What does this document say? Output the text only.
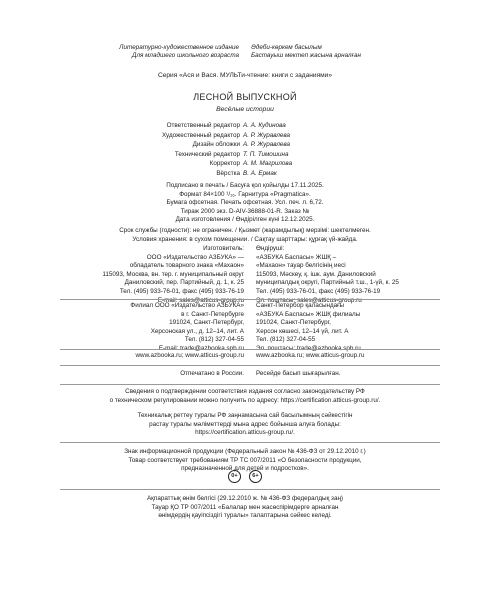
Литературно-художественное издание
Для младшего школьного возраста
Әдеби-көркем басылым
Бастауыш мектеп жасына арналған
Серия «Ася и Вася. МУЛЬТи-чтение: книги с заданиями»
ЛЕСНОЙ ВЫПУСКНОЙ
Весёлые истории
Ответственный редактор А. А. Кудинова
Художественный редактор А. Р. Журавлева
Дизайн обложки А. Р. Журавлева
Технический редактор Т. П. Тимошина
Корректор А. М. Магрилова
Вёрстка В. А. Ермак
Подписано в печать / Басуға қол қойылды 17.11.2025.
Формат 84×100 ¹/₁₆. Гарнитура «Pragmatica».
Бумага офсетная. Печать офсетная. Усл. печ. л. 6,72.
Тираж 2000 экз. D-AIV-36888-01-R. Заказ №
Дата изготовления / Өндірілген күні 12.12.2025.
Срок службы (годности): не ограничен. / Қызмет (жарамдылық) мерзімі: шектелмеген.
Условия хранения: в сухом помещении. / Сақтау шарттары: құрғақ үй-жайда.
Изготовитель:
ООО «Издательство АЗБУКА» —
обладатель товарного знака «Махаон»
115093, Москва, вн. тер. г. муниципальный округ
Даниловский, пер. Партийный, д. 1, к. 25
Тел. (495) 933-76-01, факс (495) 933-76-19
E-mail: sales@atticus-group.ru
Өндіруші:
«АЗБУКА Баспасы» ЖШҚ –
«Махаон» тауар белгісінің иесі
115093, Мәскеу, қ. ішк. аум. Даниловский
муниципалдық округі, Партийный т.ш., 1-үй, к. 25
Тел. (495) 933-76-01, факс (495) 933-76-19
Эл. поштасы: sales@atticus-group.ru
Филиал ООО «Издательство АЗБУКА»
в г. Санкт-Петербурге
191024, Санкт-Петербург,
Херсонская ул., д. 12–14, лит. А
Тел. (812) 327-04-55
E-mail: trade@azbooka.spb.ru
Санкт-Петербор қаласындағы
«АЗБУКА Баспасы» ЖШҚ филиалы
191024, Санкт-Петербург,
Херсон көшесі, 12–14 үй, лит. А
Тел. (812) 327-04-55
Эл. поштасы: trade@azbooka.spb.ru
www.azbooka.ru; www.atticus-group.ru www.azbooka.ru; www.atticus-group.ru
Отпечатано в России. Ресейде басып шығарылған.
Сведения о подтверждении соответствия издания согласно законодательству РФ
о техническом регулировании можно получить по адресу: https://certification.atticus-group.ru/.
Техникалық реттеу туралы РФ заңнамасына сай басылымның сәйкестігін
растау туралы мәліметтерді мына адрес бойынша алуға болады:
https://certification.atticus-group.ru/.
Знак информационной продукции (Федеральный закон № 436-ФЗ от 29.12.2010 г.)
Товар соответствует требованиям ТР ТС 007/2011 «О безопасности продукции,
предназначенной для детей и подростков».
0+	6+
Ақпараттық өнім белгісі (29.12.2010 ж. № 436-ФЗ федералдық заң)
Тауар ҚО ТР 007/2011 «Балалар мен жасөспірімдерге арналған
өнімдердің қауіпсіздігі туралы» талаптарына сәйкес келеді.
